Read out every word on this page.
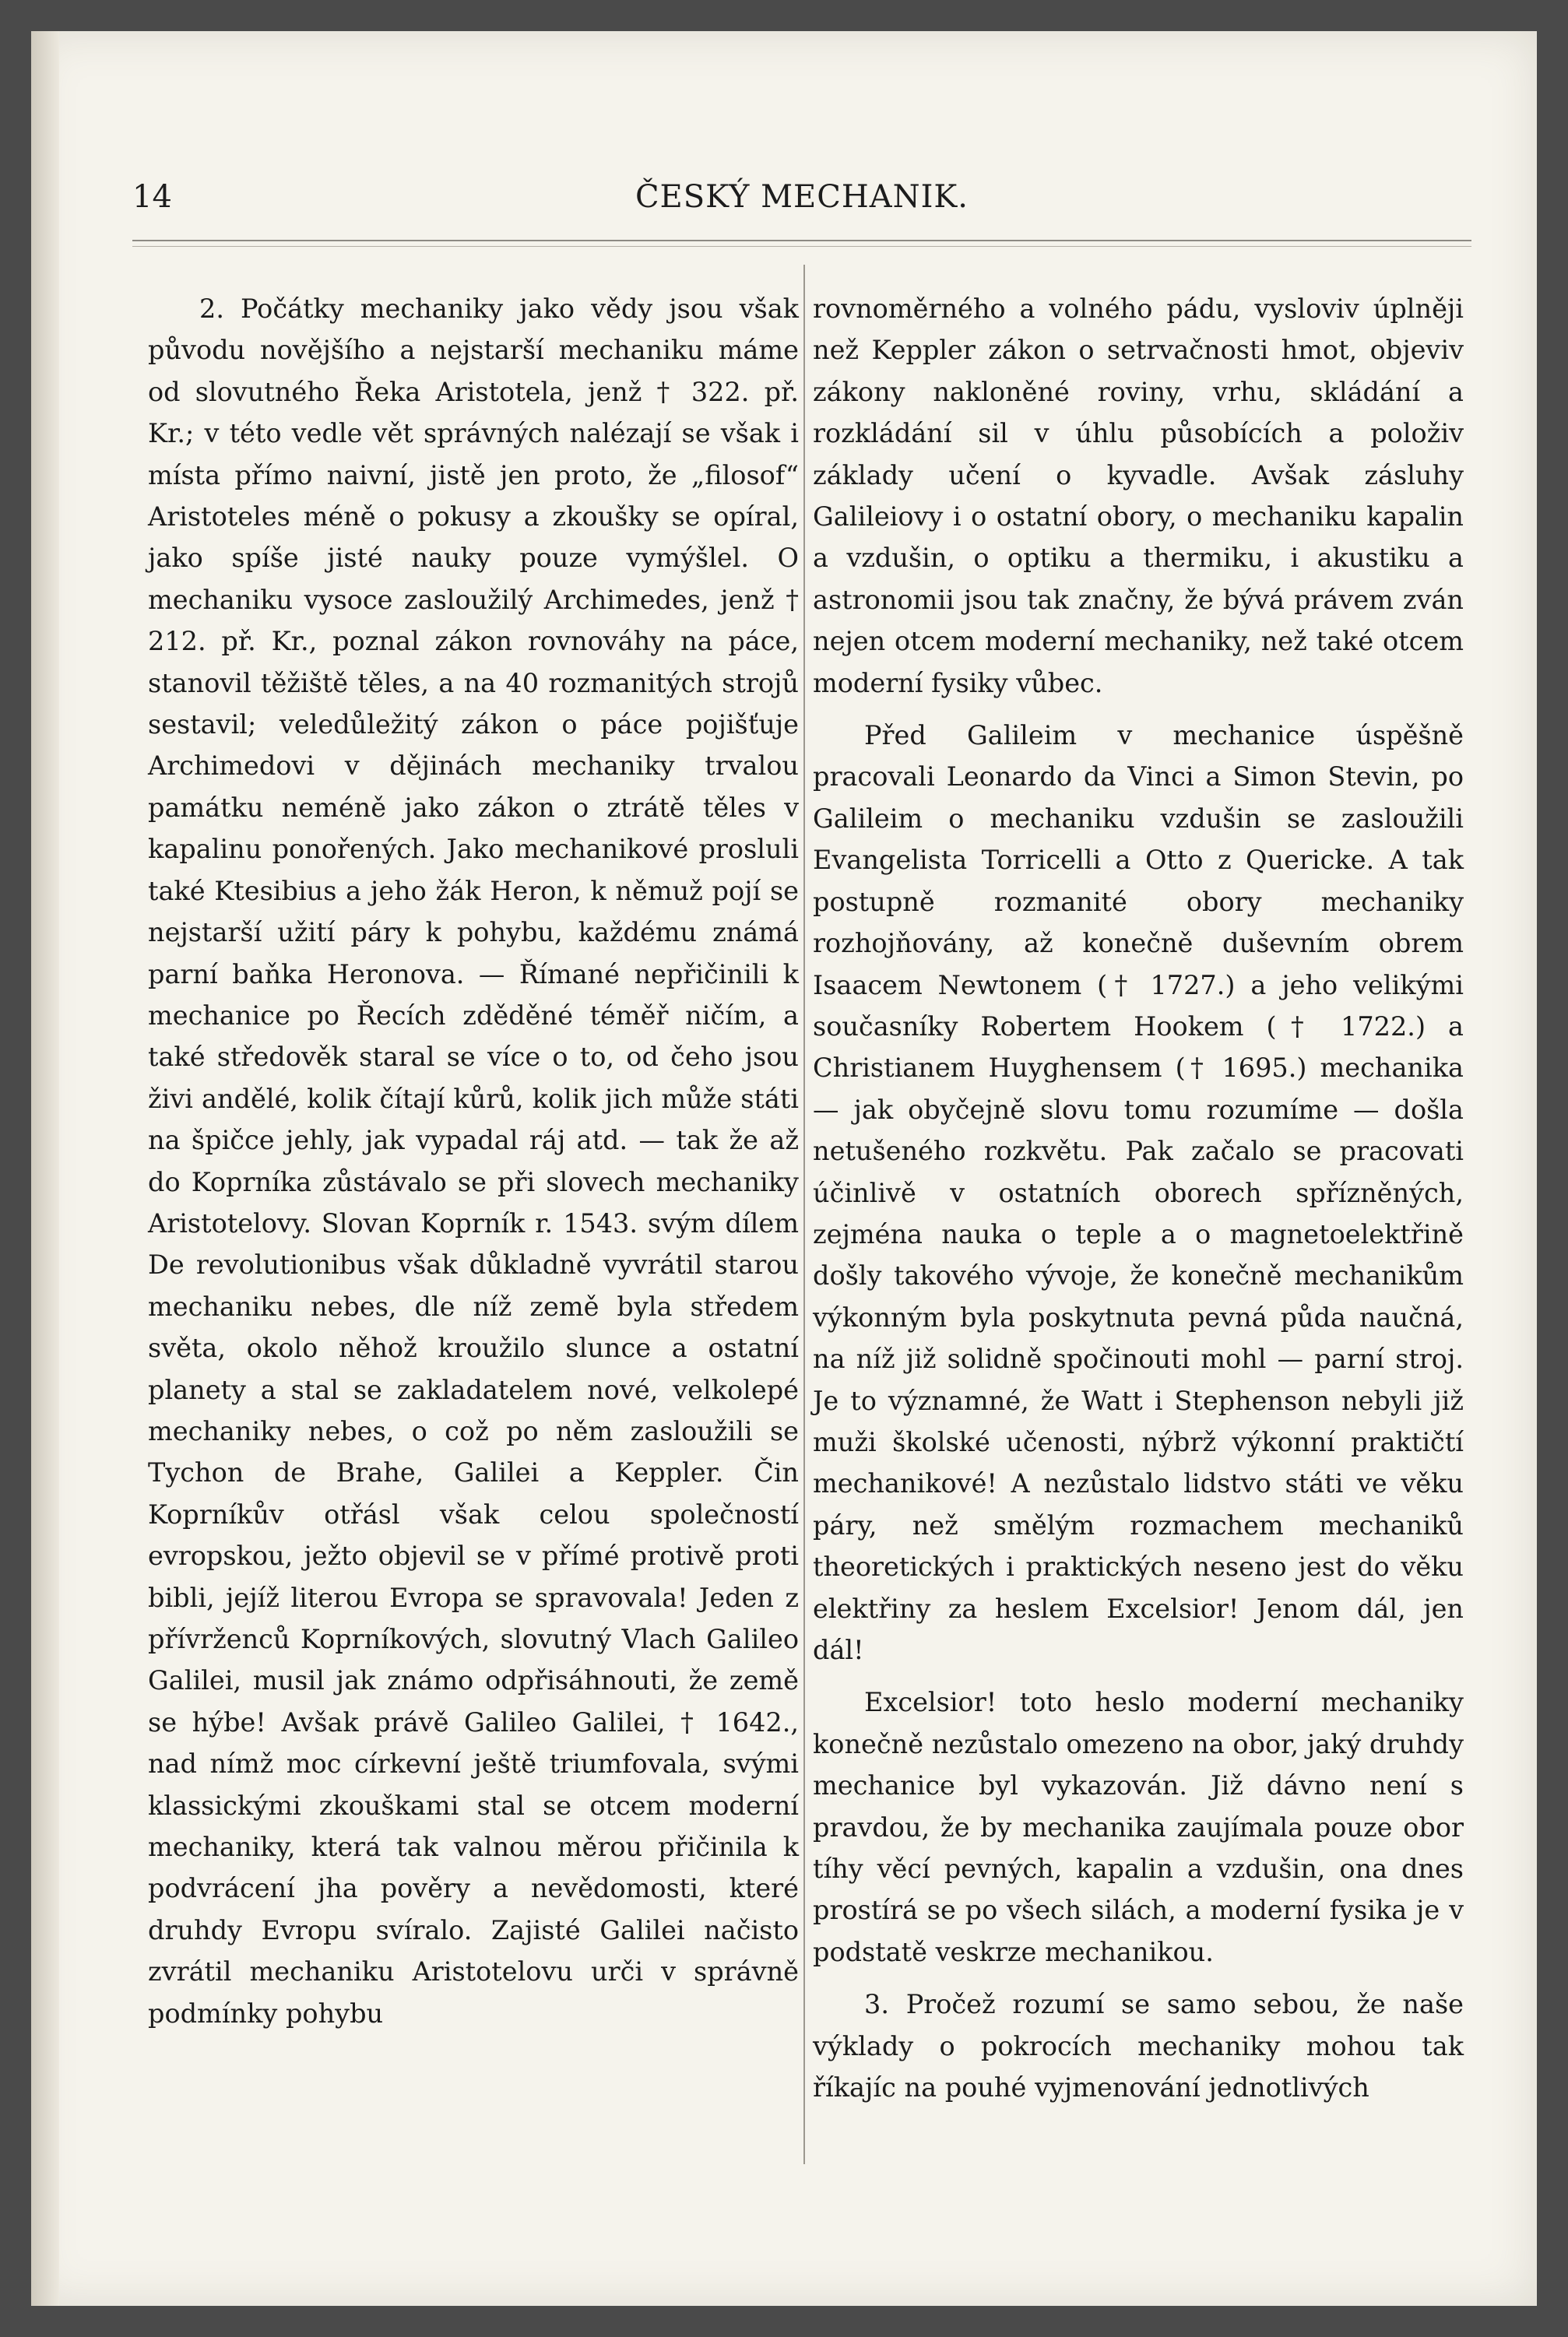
14	ČESKÝ MECHANIK.

2. Počátky mechaniky jako vědy jsou však původu novějšího a nejstarší mechaniku máme od slovutného Řeka Aristotela, jenž † 322. př. Kr.; v této vedle vět správných nalézají se však i místa přímo naivní, jistě jen proto, že „filosof“ Aristoteles méně o pokusy a zkoušky se opíral, jako spíše jisté nauky pouze vymýšlel. O mechaniku vysoce zasloužilý Archimedes, jenž † 212. př. Kr., poznal zákon rovnováhy na páce, stanovil těžiště těles, a na 40 rozmanitých strojů sestavil; veledůležitý zákon o páce pojišťuje Archimedovi v dějinách mechaniky trvalou památku neméně jako zákon o ztrátě těles v kapalinu ponořených. Jako mechanikové prosluli také Ktesibius a jeho žák Heron, k němuž pojí se nejstarší užití páry k pohybu, každému známá parní baňka Heronova. — Římané nepřičinili k mechanice po Řecích zděděné téměř ničím, a také středověk staral se více o to, od čeho jsou živi andělé, kolik čítají kůrů, kolik jich může státi na špičce jehly, jak vypadal ráj atd. — tak že až do Koprníka zůstávalo se při slovech mechaniky Aristotelovy. Slovan Koprník r. 1543. svým dílem De revolutionibus však důkladně vyvrátil starou mechaniku nebes, dle níž země byla středem světa, okolo něhož kroužilo slunce a ostatní planety a stal se zakladatelem nové, velkolepé mechaniky nebes, o což po něm zasloužili se Tychon de Brahe, Galilei a Keppler. Čin Koprníkův otřásl však celou společností evropskou, ježto objevil se v přímé protivě proti bibli, jejíž literou Evropa se spravovala! Jeden z přívrženců Koprníkových, slovutný Vlach Galileo Galilei, musil jak známo odpřisáhnouti, že země se hýbe! Avšak právě Galileo Galilei, † 1642., nad nímž moc církevní ještě triumfovala, svými klassickými zkouškami stal se otcem moderní mechaniky, která tak valnou měrou přičinila k podvrácení jha pověry a nevědomosti, které druhdy Evropu svíralo. Zajisté Galilei načisto zvrátil mechaniku Aristotelovu urči v správně podmínky pohybu

rovnoměrného a volného pádu, vysloviv úplněji než Keppler zákon o setrvačnosti hmot, objeviv zákony nakloněné roviny, vrhu, skládání a rozkládání sil v úhlu působících a položiv základy učení o kyvadle. Avšak zásluhy Galileiovy i o ostatní obory, o mechaniku kapalin a vzdušin, o optiku a thermiku, i akustiku a astronomii jsou tak značny, že bývá právem zván nejen otcem moderní mechaniky, než také otcem moderní fysiky vůbec.

Před Galileim v mechanice úspěšně pracovali Leonardo da Vinci a Simon Stevin, po Galileim o mechaniku vzdušin se zasloužili Evangelista Torricelli a Otto z Quericke. A tak postupně rozmanité obory mechaniky rozhojňovány, až konečně duševním obrem Isaacem Newtonem († 1727.) a jeho velikými současníky Robertem Hookem († 1722.) a Christianem Huyghensem († 1695.) mechanika — jak obyčejně slovu tomu rozumíme — došla netušeného rozkvětu. Pak začalo se pracovati účinlivě v ostatních oborech spřízněných, zejména nauka o teple a o magnetoelektřině došly takového vývoje, že konečně mechanikům výkonným byla poskytnuta pevná půda naučná, na níž již solidně spočinouti mohl — parní stroj. Je to významné, že Watt i Stephenson nebyli již muži školské učenosti, nýbrž výkonní praktičtí mechanikové! A nezůstalo lidstvo státi ve věku páry, než smělým rozmachem mechaniků theoretických i praktických neseno jest do věku elektřiny za heslem Excelsior! Jenom dál, jen dál!

Excelsior! toto heslo moderní mechaniky konečně nezůstalo omezeno na obor, jaký druhdy mechanice byl vykazován. Již dávno není s pravdou, že by mechanika zaujímala pouze obor tíhy věcí pevných, kapalin a vzdušin, ona dnes prostírá se po všech silách, a moderní fysika je v podstatě veskrze mechanikou.

3. Pročež rozumí se samo sebou, že naše výklady o pokrocích mechaniky mohou tak říkajíc na pouhé vyjmenování jednotlivých
